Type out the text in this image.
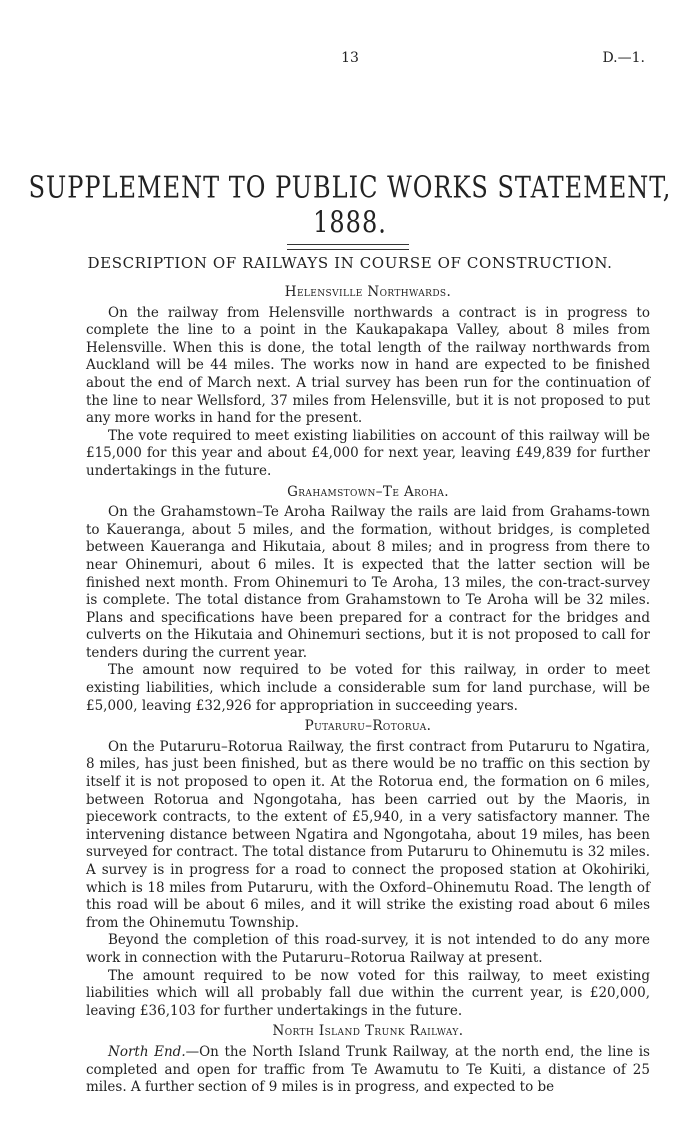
13	D.—1.
SUPPLEMENT TO PUBLIC WORKS STATEMENT, 1888.
DESCRIPTION OF RAILWAYS IN COURSE OF CONSTRUCTION.
Helensville Northwards.

On the railway from Helensville northwards a contract is in progress to complete the line to a point in the Kaukapakapa Valley, about 8 miles from Helensville. When this is done, the total length of the railway northwards from Auckland will be 44 miles. The works now in hand are expected to be finished about the end of March next. A trial survey has been run for the continuation of the line to near Wellsford, 37 miles from Helensville, but it is not proposed to put any more works in hand for the present.

The vote required to meet existing liabilities on account of this railway will be £15,000 for this year and about £4,000 for next year, leaving £49,839 for further undertakings in the future.

Grahamstown–Te Aroha.

On the Grahamstown–Te Aroha Railway the rails are laid from Grahams-town to Kaueranga, about 5 miles, and the formation, without bridges, is completed between Kaueranga and Hikutaia, about 8 miles; and in progress from there to near Ohinemuri, about 6 miles. It is expected that the latter section will be finished next month. From Ohinemuri to Te Aroha, 13 miles, the con-tract-survey is complete. The total distance from Grahamstown to Te Aroha will be 32 miles. Plans and specifications have been prepared for a contract for the bridges and culverts on the Hikutaia and Ohinemuri sections, but it is not proposed to call for tenders during the current year.

The amount now required to be voted for this railway, in order to meet existing liabilities, which include a considerable sum for land purchase, will be £5,000, leaving £32,926 for appropriation in succeeding years.

Putaruru–Rotorua.

On the Putaruru–Rotorua Railway, the first contract from Putaruru to Ngatira, 8 miles, has just been finished, but as there would be no traffic on this section by itself it is not proposed to open it. At the Rotorua end, the formation on 6 miles, between Rotorua and Ngongotaha, has been carried out by the Maoris, in piecework contracts, to the extent of £5,940, in a very satisfactory manner. The intervening distance between Ngatira and Ngongotaha, about 19 miles, has been surveyed for contract. The total distance from Putaruru to Ohinemutu is 32 miles. A survey is in progress for a road to connect the proposed station at Okohiriki, which is 18 miles from Putaruru, with the Oxford–Ohinemutu Road. The length of this road will be about 6 miles, and it will strike the existing road about 6 miles from the Ohinemutu Township.

Beyond the completion of this road-survey, it is not intended to do any more work in connection with the Putaruru–Rotorua Railway at present.

The amount required to be now voted for this railway, to meet existing liabilities which will all probably fall due within the current year, is £20,000, leaving £36,103 for further undertakings in the future.

North Island Trunk Railway.

North End.—On the North Island Trunk Railway, at the north end, the line is completed and open for traffic from Te Awamutu to Te Kuiti, a distance of 25 miles. A further section of 9 miles is in progress, and expected to be
